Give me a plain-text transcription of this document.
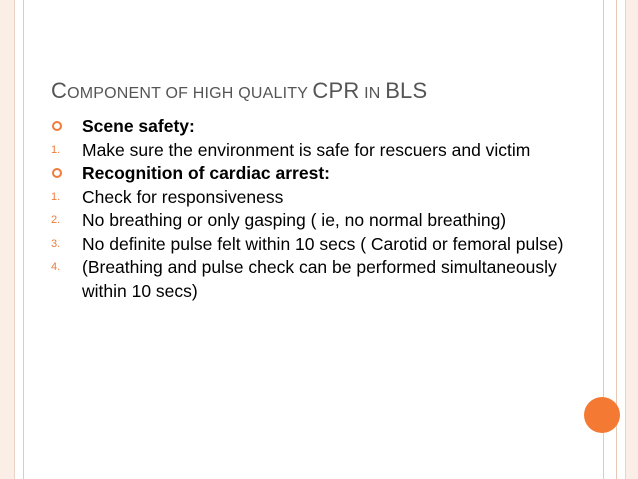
COMPONENT OF HIGH QUALITY CPR IN BLS
Scene safety:
1.	Make sure the environment is safe for rescuers and victim
Recognition of cardiac arrest:
1.	Check for responsiveness
2.	No breathing or only gasping ( ie, no normal breathing)
3.	No definite pulse felt within 10 secs ( Carotid or femoral pulse)
4.	(Breathing and pulse check can be performed simultaneously within 10 secs)
